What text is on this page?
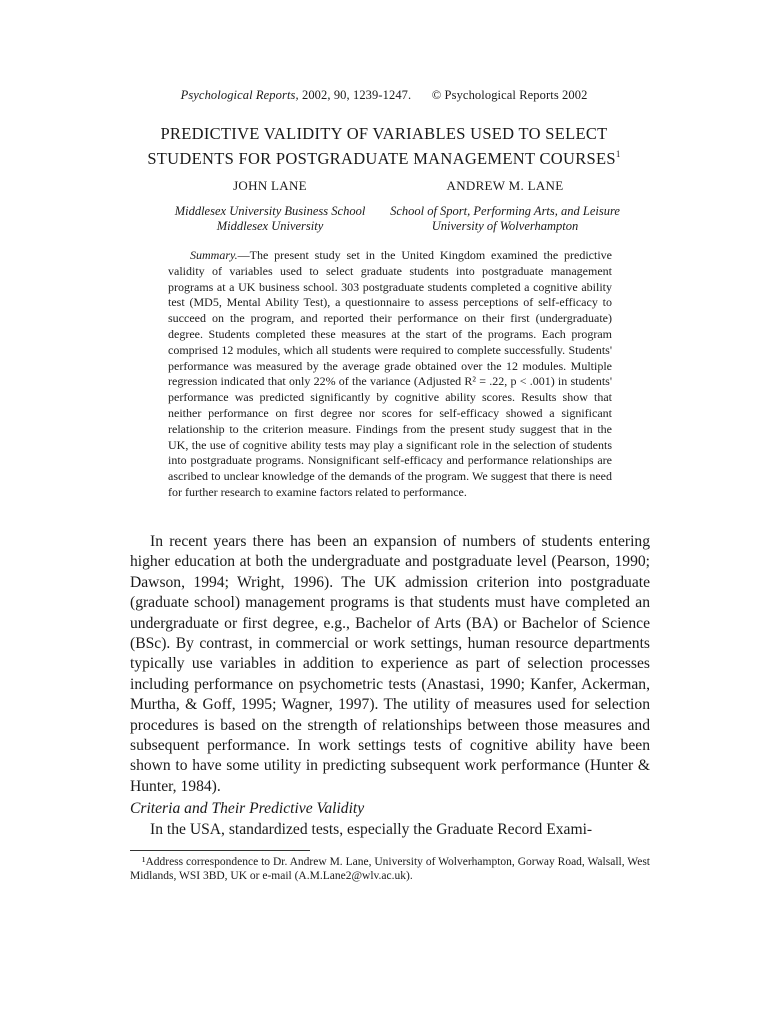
Psychological Reports, 2002, 90, 1239-1247. © Psychological Reports 2002
PREDICTIVE VALIDITY OF VARIABLES USED TO SELECT
STUDENTS FOR POSTGRADUATE MANAGEMENT COURSES$^1$
JOHN LANE
Middlesex University Business School
Middlesex University
ANDREW M. LANE
School of Sport, Performing Arts, and Leisure
University of Wolverhampton
Summary.—The present study set in the United Kingdom examined the predictive validity of variables used to select graduate students into postgraduate management programs at a UK business school. 303 postgraduate students completed a cognitive ability test (MD5, Mental Ability Test), a questionnaire to assess perceptions of self-efficacy to succeed on the program, and reported their performance on their first (undergraduate) degree. Students completed these measures at the start of the programs. Each program comprised 12 modules, which all students were required to complete successfully. Students' performance was measured by the average grade obtained over the 12 modules. Multiple regression indicated that only 22% of the variance (Adjusted R² = .22, p < .001) in students' performance was predicted significantly by cognitive ability scores. Results show that neither performance on first degree nor scores for self-efficacy showed a significant relationship to the criterion measure. Findings from the present study suggest that in the UK, the use of cognitive ability tests may play a significant role in the selection of students into postgraduate programs. Nonsignificant self-efficacy and performance relationships are ascribed to unclear knowledge of the demands of the program. We suggest that there is need for further research to examine factors related to performance.

In recent years there has been an expansion of numbers of students entering higher education at both the undergraduate and postgraduate level (Pearson, 1990; Dawson, 1994; Wright, 1996). The UK admission criterion into postgraduate (graduate school) management programs is that students must have completed an undergraduate or first degree, e.g., Bachelor of Arts (BA) or Bachelor of Science (BSc). By contrast, in commercial or work settings, human resource departments typically use variables in addition to experience as part of selection processes including performance on psychometric tests (Anastasi, 1990; Kanfer, Ackerman, Murtha, & Goff, 1995; Wagner, 1997). The utility of measures used for selection procedures is based on the strength of relationships between those measures and subsequent performance. In work settings tests of cognitive ability have been shown to have some utility in predicting subsequent work performance (Hunter & Hunter, 1984).

Criteria and Their Predictive Validity

In the USA, standardized tests, especially the Graduate Record Exami-

¹Address correspondence to Dr. Andrew M. Lane, University of Wolverhampton, Gorway Road, Walsall, West Midlands, WSI 3BD, UK or e-mail (A.M.Lane2@wlv.ac.uk).
